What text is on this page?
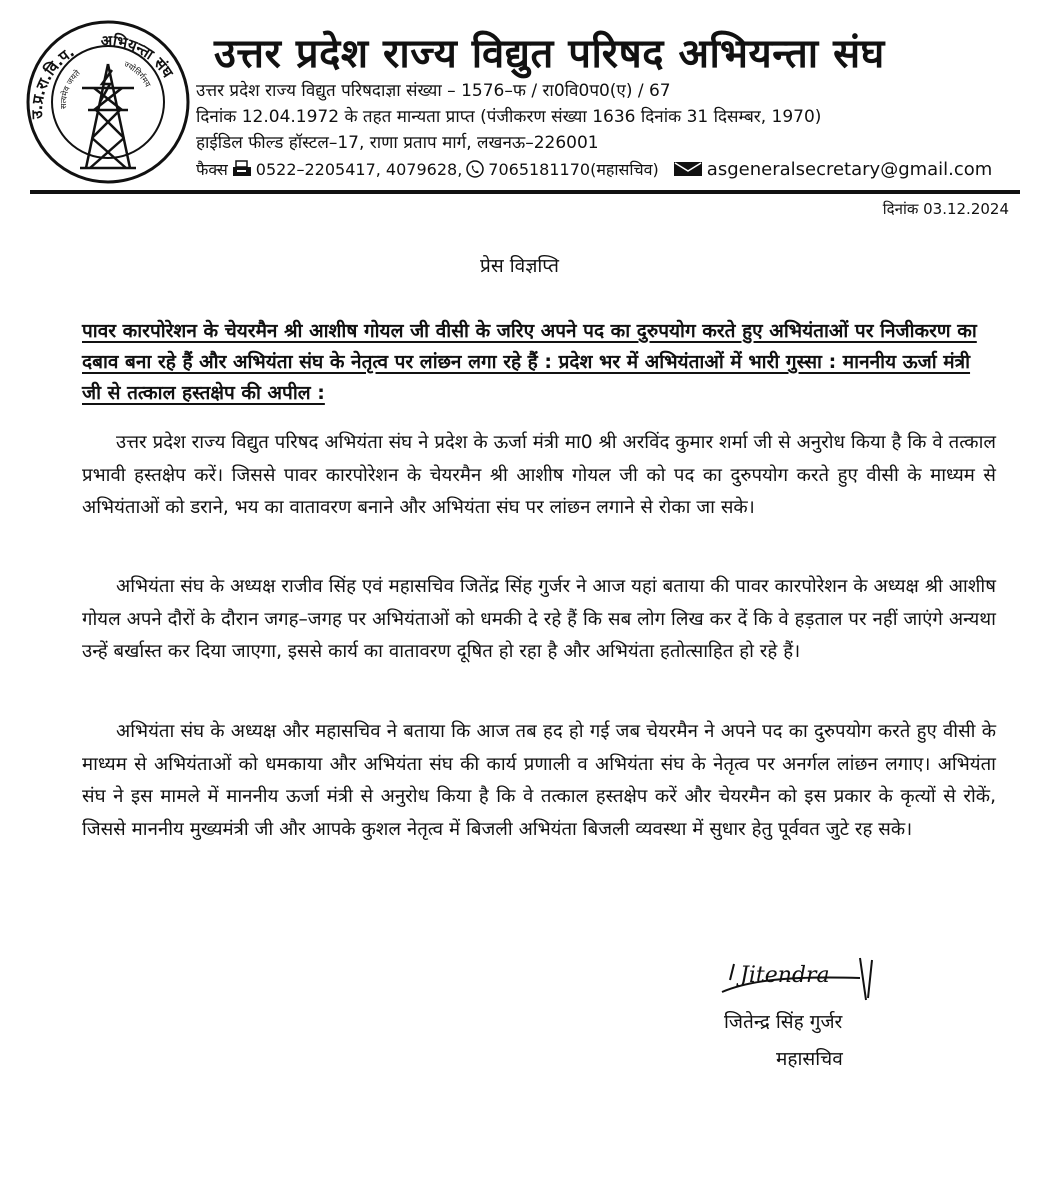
उ.प्र.रा.वि.प.
अभियन्ता संघ
सत्यमेव जयते
ज्योतिर्गमय
उत्तर प्रदेश राज्य विद्युत परिषद अभियन्ता संघ
उत्तर प्रदेश राज्य विद्युत परिषदाज्ञा संख्या – 1576–फ / रा0वि0प0(ए) / 67
दिनांक 12.04.1972 के तहत मान्यता प्राप्त (पंजीकरण संख्या 1636 दिनांक 31 दिसम्बर, 1970)
हाईडिल फील्ड हॉस्टल–17, राणा प्रताप मार्ग, लखनऊ–226001
फैक्स 0522–2205417, 4079628, 7065181170(महासचिव)	asgeneralsecretary@gmail.com
दिनांक 03.12.2024
प्रेस विज्ञप्ति
पावर कारपोरेशन के चेयरमैन श्री आशीष गोयल जी वीसी के जरिए अपने पद का दुरुपयोग करते हुए अभियंताओं पर निजीकरण का दबाव बना रहे हैं और अभियंता संघ के नेतृत्व पर लांछन लगा रहे हैं : प्रदेश भर में अभियंताओं में भारी गुस्सा : माननीय ऊर्जा मंत्री जी से तत्काल हस्तक्षेप की अपील :
उत्तर प्रदेश राज्य विद्युत परिषद अभियंता संघ ने प्रदेश के ऊर्जा मंत्री मा0 श्री अरविंद कुमार शर्मा जी से अनुरोध किया है कि वे तत्काल प्रभावी हस्तक्षेप करें। जिससे पावर कारपोरेशन के चेयरमैन श्री आशीष गोयल जी को पद का दुरुपयोग करते हुए वीसी के माध्यम से अभियंताओं को डराने, भय का वातावरण बनाने और अभियंता संघ पर लांछन लगाने से रोका जा सके।
अभियंता संघ के अध्यक्ष राजीव सिंह एवं महासचिव जितेंद्र सिंह गुर्जर ने आज यहां बताया की पावर कारपोरेशन के अध्यक्ष श्री आशीष गोयल अपने दौरों के दौरान जगह–जगह पर अभियंताओं को धमकी दे रहे हैं कि सब लोग लिख कर दें कि वे हड़ताल पर नहीं जाएंगे अन्यथा उन्हें बर्खास्त कर दिया जाएगा, इससे कार्य का वातावरण दूषित हो रहा है और अभियंता हतोत्साहित हो रहे हैं।
अभियंता संघ के अध्यक्ष और महासचिव ने बताया कि आज तब हद हो गई जब चेयरमैन ने अपने पद का दुरुपयोग करते हुए वीसी के माध्यम से अभियंताओं को धमकाया और अभियंता संघ की कार्य प्रणाली व अभियंता संघ के नेतृत्व पर अनर्गल लांछन लगाए। अभियंता संघ ने इस मामले में माननीय ऊर्जा मंत्री से अनुरोध किया है कि वे तत्काल हस्तक्षेप करें और चेयरमैन को इस प्रकार के कृत्यों से रोकें, जिससे माननीय मुख्यमंत्री जी और आपके कुशल नेतृत्व में बिजली अभियंता बिजली व्यवस्था में सुधार हेतु पूर्ववत जुटे रह सके।
Jitendra
जितेन्द्र सिंह गुर्जर
महासचिव
